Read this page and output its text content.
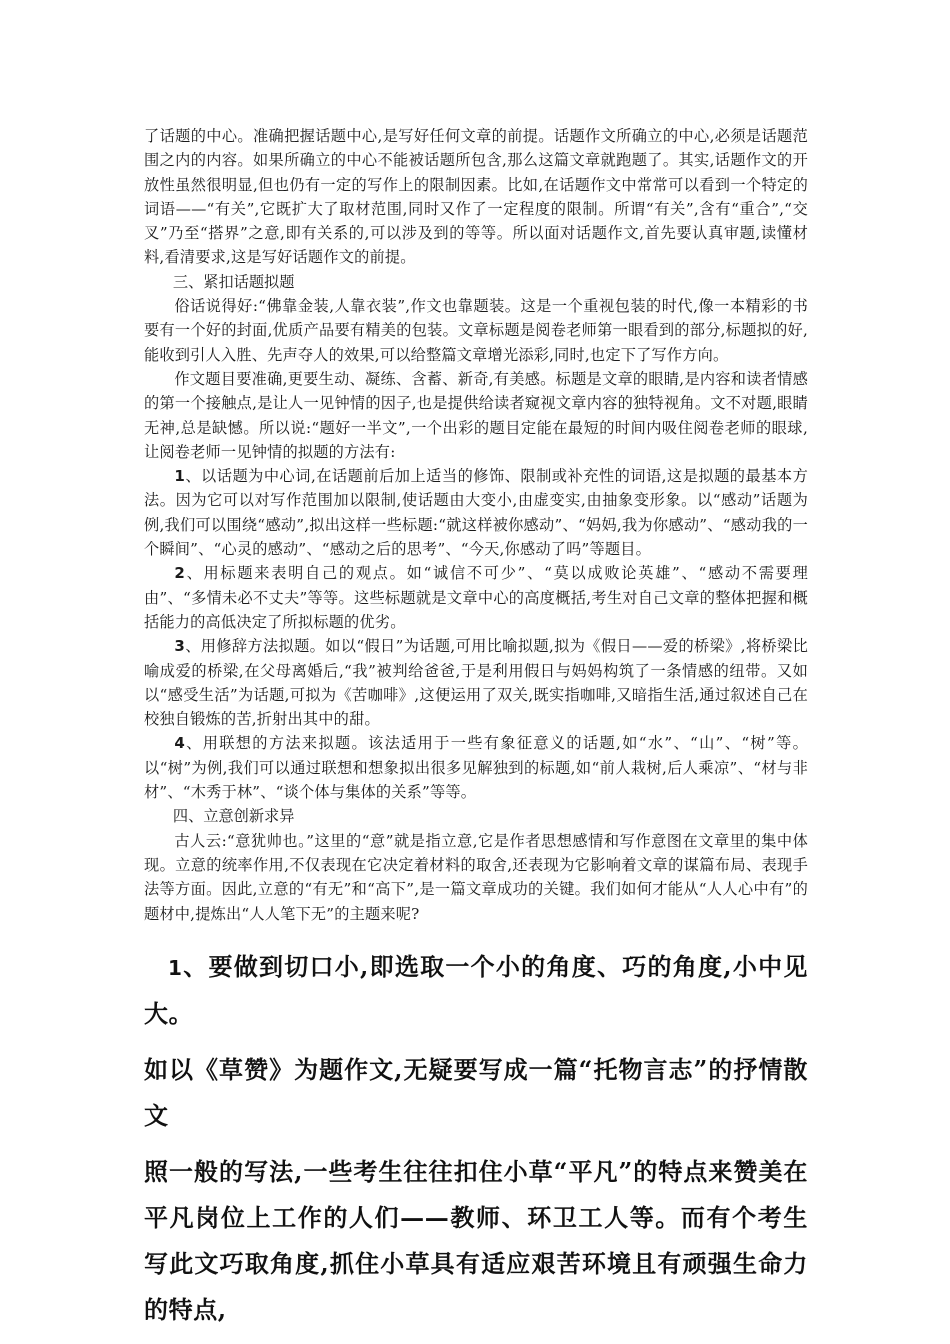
了话题的中心。准确把握话题中心,是写好任何文章的前提。话题作文所确立的中心,必须是话题范围之内的内容。如果所确立的中心不能被话题所包含,那么这篇文章就跑题了。其实,话题作文的开放性虽然很明显,但也仍有一定的写作上的限制因素。比如,在话题作文中常常可以看到一个特定的词语——“有关”,它既扩大了取材范围,同时又作了一定程度的限制。所谓“有关”,含有“重合”,“交叉”乃至“搭界”之意,即有关系的,可以涉及到的等等。所以面对话题作文,首先要认真审题,读懂材料,看清要求,这是写好话题作文的前提。

三、紧扣话题拟题

俗话说得好:“佛靠金装,人靠衣装”,作文也靠题装。这是一个重视包装的时代,像一本精彩的书要有一个好的封面,优质产品要有精美的包装。文章标题是阅卷老师第一眼看到的部分,标题拟的好,能收到引人入胜、先声夺人的效果,可以给整篇文章增光添彩,同时,也定下了写作方向。

作文题目要准确,更要生动、凝练、含蓄、新奇,有美感。标题是文章的眼睛,是内容和读者情感的第一个接触点,是让人一见钟情的因子,也是提供给读者窥视文章内容的独特视角。文不对题,眼睛无神,总是缺憾。所以说:“题好一半文”,一个出彩的题目定能在最短的时间内吸住阅卷老师的眼球,让阅卷老师一见钟情的拟题的方法有:

1、以话题为中心词,在话题前后加上适当的修饰、限制或补充性的词语,这是拟题的最基本方法。因为它可以对写作范围加以限制,使话题由大变小,由虚变实,由抽象变形象。以“感动”话题为例,我们可以围绕“感动”,拟出这样一些标题:“就这样被你感动”、“妈妈,我为你感动”、“感动我的一个瞬间”、“心灵的感动”、“感动之后的思考”、“今天,你感动了吗”等题目。

2、用标题来表明自己的观点。如“诚信不可少”、“莫以成败论英雄”、“感动不需要理由”、“多情未必不丈夫”等等。这些标题就是文章中心的高度概括,考生对自己文章的整体把握和概括能力的高低决定了所拟标题的优劣。

3、用修辞方法拟题。如以“假日”为话题,可用比喻拟题,拟为《假日——爱的桥梁》,将桥梁比喻成爱的桥梁,在父母离婚后,“我”被判给爸爸,于是利用假日与妈妈构筑了一条情感的纽带。又如以“感受生活”为话题,可拟为《苦咖啡》,这便运用了双关,既实指咖啡,又暗指生活,通过叙述自己在校独自锻炼的苦,折射出其中的甜。

4、用联想的方法来拟题。该法适用于一些有象征意义的话题,如“水”、“山”、“树”等。以“树”为例,我们可以通过联想和想象拟出很多见解独到的标题,如“前人栽树,后人乘凉”、“材与非材”、“木秀于林”、“谈个体与集体的关系”等等。

四、立意创新求异

古人云:“意犹帅也。”这里的“意”就是指立意,它是作者思想感情和写作意图在文章里的集中体现。立意的统率作用,不仅表现在它决定着材料的取舍,还表现为它影响着文章的谋篇布局、表现手法等方面。因此,立意的“有无”和“高下”,是一篇文章成功的关键。我们如何才能从“人人心中有”的题材中,提炼出“人人笔下无”的主题来呢?

1、要做到切口小,即选取一个小的角度、巧的角度,小中见大。

如以《草赞》为题作文,无疑要写成一篇“托物言志”的抒情散文

照一般的写法,一些考生往往扣住小草“平凡”的特点来赞美在平凡岗位上工作的人们——教师、环卫工人等。而有个考生写此文巧取角度,抓住小草具有适应艰苦环境且有顽强生命力的特点,
